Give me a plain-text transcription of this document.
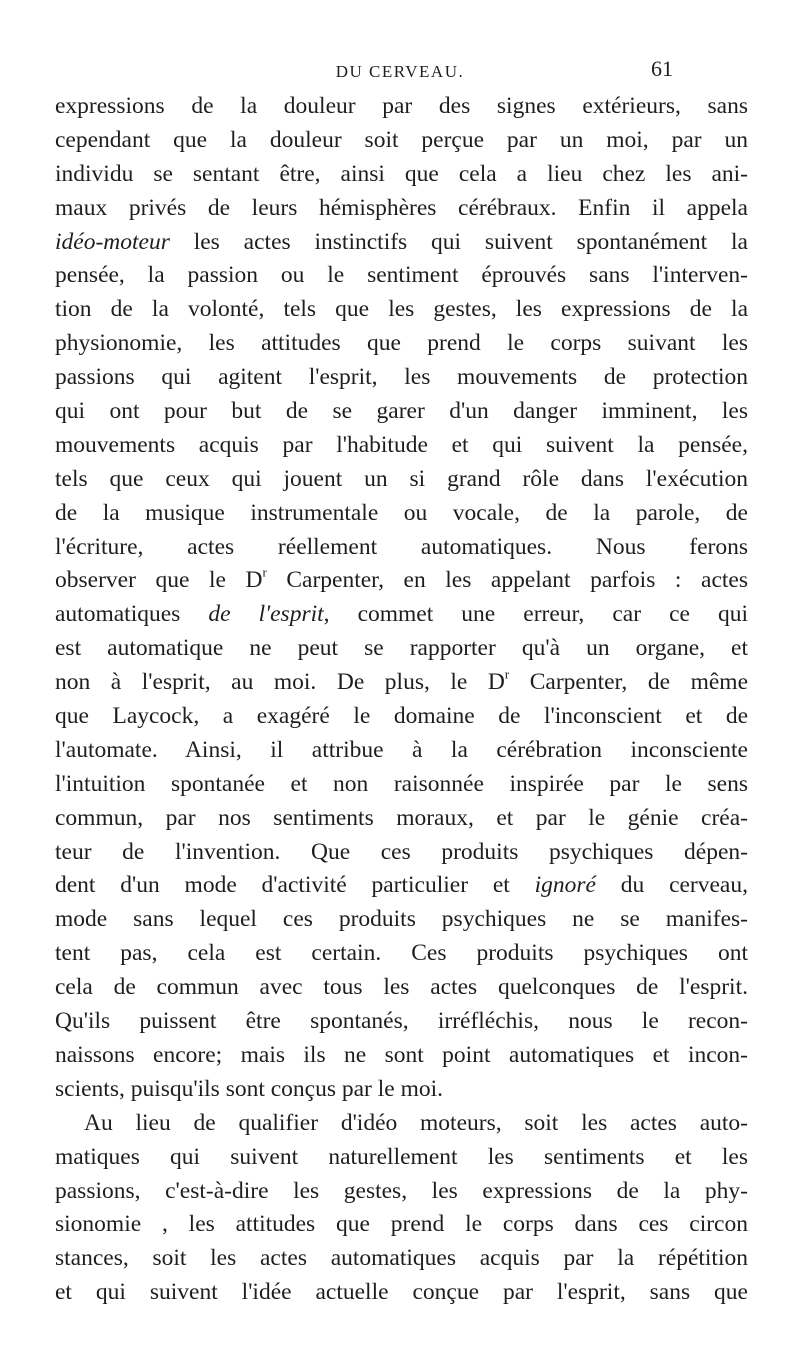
DU CERVEAU.	61
expressions de la douleur par des signes extérieurs, sans
cependant que la douleur soit perçue par un moi, par un
individu se sentant être, ainsi que cela a lieu chez les ani-
maux privés de leurs hémisphères cérébraux. Enfin il appela
idéo-moteur les actes instinctifs qui suivent spontanément la
pensée, la passion ou le sentiment éprouvés sans l'interven-
tion de la volonté, tels que les gestes, les expressions de la
physionomie, les attitudes que prend le corps suivant les
passions qui agitent l'esprit, les mouvements de protection
qui ont pour but de se garer d'un danger imminent, les
mouvements acquis par l'habitude et qui suivent la pensée,
tels que ceux qui jouent un si grand rôle dans l'exécution
de la musique instrumentale ou vocale, de la parole, de
l'écriture, actes réellement automatiques. Nous ferons
observer que le $D^r$ Carpenter, en les appelant parfois : actes
automatiques de l'esprit, commet une erreur, car ce qui
est automatique ne peut se rapporter qu'à un organe, et
non à l'esprit, au moi. De plus, le $D^r$ Carpenter, de même
que Laycock, a exagéré le domaine de l'inconscient et de
l'automate. Ainsi, il attribue à la cérébration inconsciente
l'intuition spontanée et non raisonnée inspirée par le sens
commun, par nos sentiments moraux, et par le génie créa-
teur de l'invention. Que ces produits psychiques dépen-
dent d'un mode d'activité particulier et ignoré du cerveau,
mode sans lequel ces produits psychiques ne se manifes-
tent pas, cela est certain. Ces produits psychiques ont
cela de commun avec tous les actes quelconques de l'esprit.
Qu'ils puissent être spontanés, irréfléchis, nous le recon-
naissons encore; mais ils ne sont point automatiques et incon-
scients, puisqu'ils sont conçus par le moi.
Au lieu de qualifier d'idéo moteurs, soit les actes auto-
matiques qui suivent naturellement les sentiments et les
passions, c'est-à-dire les gestes, les expressions de la phy-
sionomie , les attitudes que prend le corps dans ces circon
stances, soit les actes automatiques acquis par la répétition
et qui suivent l'idée actuelle conçue par l'esprit, sans que
